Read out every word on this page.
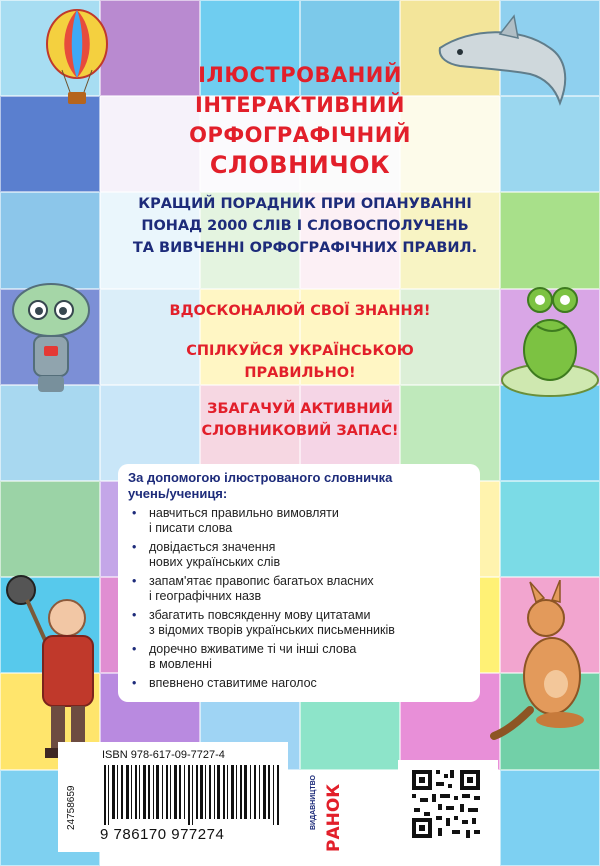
ІЛЮСТРОВАНИЙ
ІНТЕРАКТИВНИЙ
ОРФОГРАФІЧНИЙ
СЛОВНИЧОК
КРАЩИЙ ПОРАДНИК ПРИ ОПАНУВАННІ
ПОНАД 2000 СЛІВ І СЛОВОСПОЛУЧЕНЬ
ТА ВИВЧЕННІ ОРФОГРАФІЧНИХ ПРАВИЛ.
ВДОСКОНАЛЮЙ СВОЇ ЗНАННЯ!
СПІЛКУЙСЯ УКРАЇНСЬКОЮ
ПРАВИЛЬНО!
ЗБАГАЧУЙ АКТИВНИЙ
СЛОВНИКОВИЙ ЗАПАС!
За допомогою ілюстрованого словничка
учень/учениця:
• навчиться правильно вимовляти
і писати слова
• довідається значення
нових українських слів
• запам'ятає правопис багатьох власних
і географічних назв
• збагатить повсякденну мову цитатами
з відомих творів українських письменників
• доречно вживатиме ті чи інші слова
в мовленні
• впевнено ставитиме наголос
24758659
ISBN 978-617-09-7727-4
9 786170 977274
ВИДАВНИЦТВО РАНОК
